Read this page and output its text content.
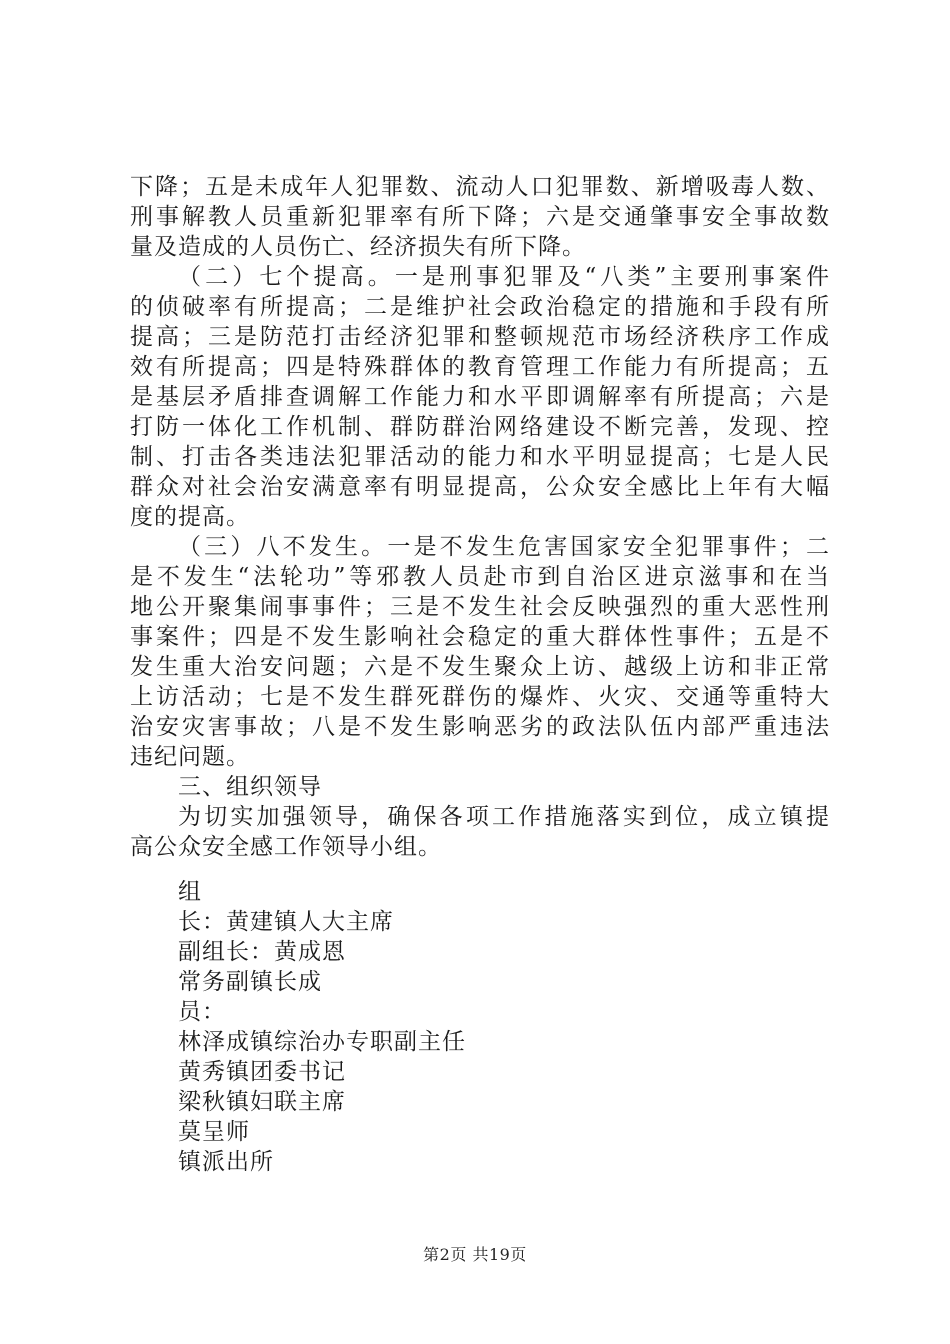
下降；五是未成年人犯罪数、流动人口犯罪数、新增吸毒人数、
刑事解教人员重新犯罪率有所下降；六是交通肇事安全事故数
量及造成的人员伤亡、经济损失有所下降。
（二）七个提高。一是刑事犯罪及“八类”主要刑事案件
的侦破率有所提高；二是维护社会政治稳定的措施和手段有所
提高；三是防范打击经济犯罪和整顿规范市场经济秩序工作成
效有所提高；四是特殊群体的教育管理工作能力有所提高；五
是基层矛盾排查调解工作能力和水平即调解率有所提高；六是
打防一体化工作机制、群防群治网络建设不断完善，发现、控
制、打击各类违法犯罪活动的能力和水平明显提高；七是人民
群众对社会治安满意率有明显提高，公众安全感比上年有大幅
度的提高。
（三）八不发生。一是不发生危害国家安全犯罪事件；二
是不发生“法轮功”等邪教人员赴市到自治区进京滋事和在当
地公开聚集闹事事件；三是不发生社会反映强烈的重大恶性刑
事案件；四是不发生影响社会稳定的重大群体性事件；五是不
发生重大治安问题；六是不发生聚众上访、越级上访和非正常
上访活动；七是不发生群死群伤的爆炸、火灾、交通等重特大
治安灾害事故；八是不发生影响恶劣的政法队伍内部严重违法
违纪问题。
三、组织领导
为切实加强领导，确保各项工作措施落实到位，成立镇提
高公众安全感工作领导小组。
组
长：黄建镇人大主席
副组长：黄成恩
常务副镇长成
员：
林泽成镇综治办专职副主任
黄秀镇团委书记
梁秋镇妇联主席
莫呈师
镇派出所
第2页 共19页
